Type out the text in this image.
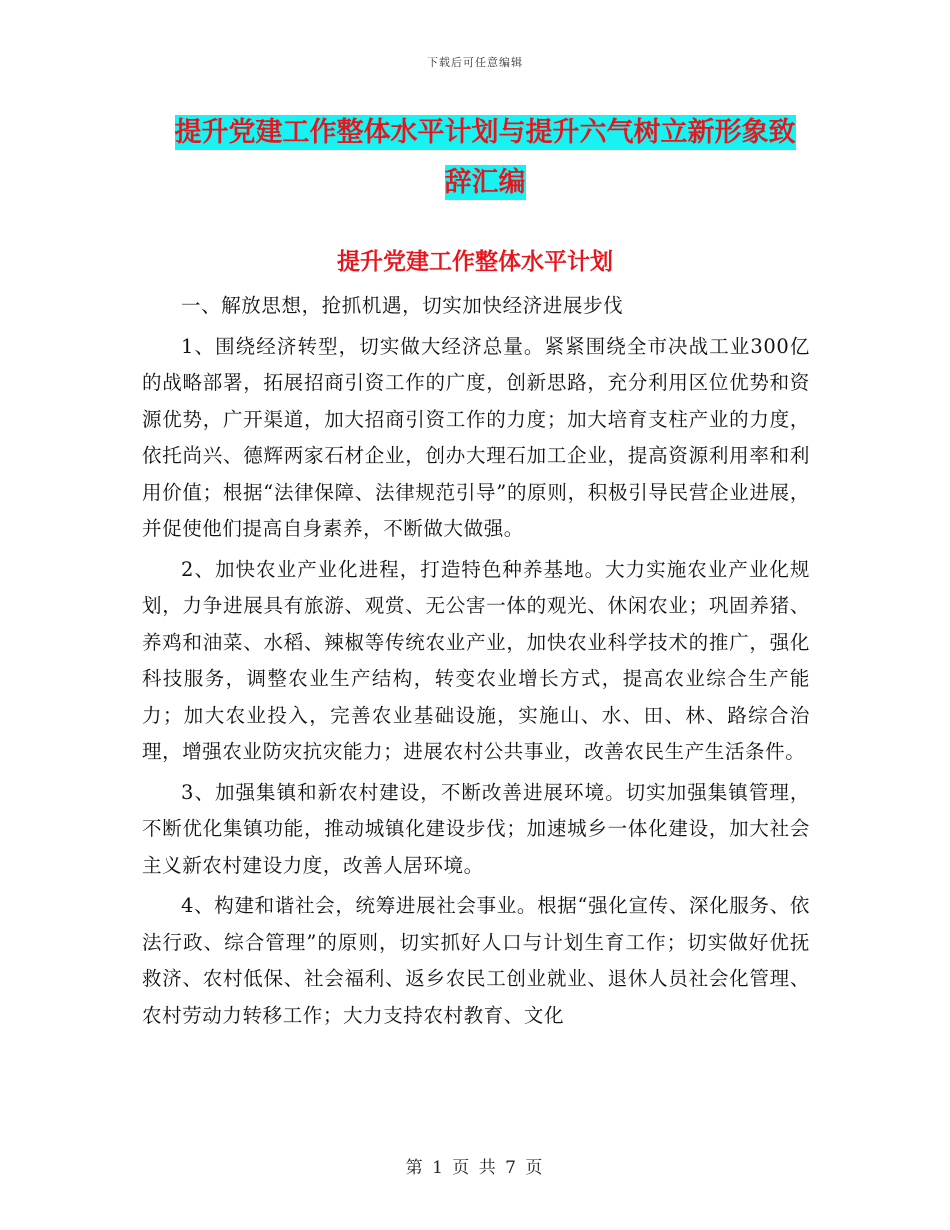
下载后可任意编辑
提升党建工作整体水平计划与提升六气树立新形象致
辞汇编
提升党建工作整体水平计划

一、解放思想，抢抓机遇，切实加快经济进展步伐

1、围绕经济转型，切实做大经济总量。紧紧围绕全市决战工业300亿的战略部署，拓展招商引资工作的广度，创新思路，充分利用区位优势和资源优势，广开渠道，加大招商引资工作的力度；加大培育支柱产业的力度，依托尚兴、德辉两家石材企业，创办大理石加工企业，提高资源利用率和利用价值；根据“法律保障、法律规范引导”的原则，积极引导民营企业进展，并促使他们提高自身素养，不断做大做强。

2、加快农业产业化进程，打造特色种养基地。大力实施农业产业化规划，力争进展具有旅游、观赏、无公害一体的观光、休闲农业；巩固养猪、养鸡和油菜、水稻、辣椒等传统农业产业，加快农业科学技术的推广，强化科技服务，调整农业生产结构，转变农业增长方式，提高农业综合生产能力；加大农业投入，完善农业基础设施，实施山、水、田、林、路综合治理，增强农业防灾抗灾能力；进展农村公共事业，改善农民生产生活条件。

3、加强集镇和新农村建设，不断改善进展环境。切实加强集镇管理，不断优化集镇功能，推动城镇化建设步伐；加速城乡一体化建设，加大社会主义新农村建设力度，改善人居环境。

4、构建和谐社会，统筹进展社会事业。根据“强化宣传、深化服务、依法行政、综合管理”的原则，切实抓好人口与计划生育工作；切实做好优抚救济、农村低保、社会福利、返乡农民工创业就业、退休人员社会化管理、农村劳动力转移工作；大力支持农村教育、文化

第 1 页 共 7 页
